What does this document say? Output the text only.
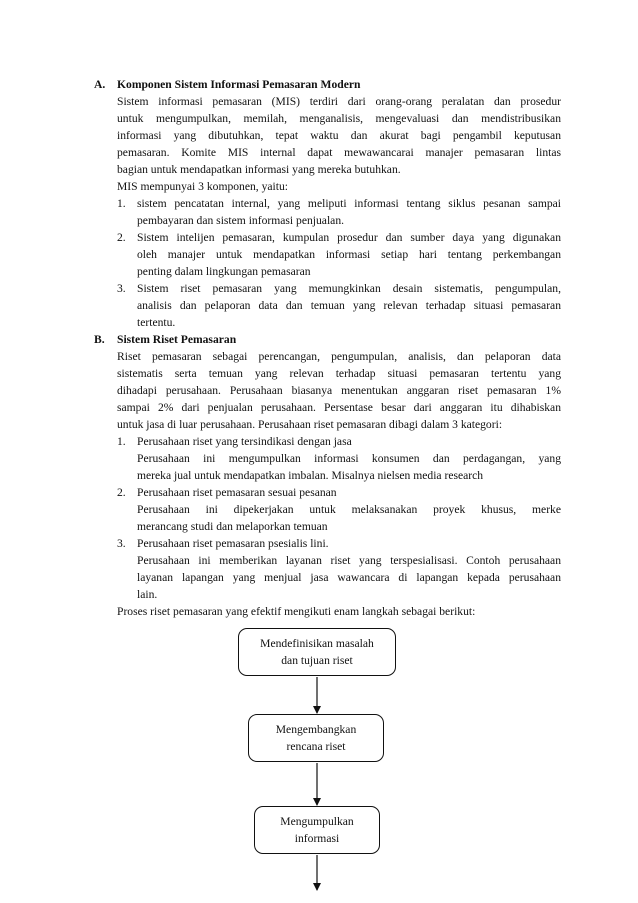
A. Komponen Sistem Informasi Pemasaran Modern
Sistem informasi pemasaran (MIS) terdiri dari orang-orang peralatan dan prosedur
untuk mengumpulkan, memilah, menganalisis, mengevaluasi dan mendistribusikan
informasi yang dibutuhkan, tepat waktu dan akurat bagi pengambil keputusan
pemasaran. Komite MIS internal dapat mewawancarai manajer pemasaran lintas
bagian untuk mendapatkan informasi yang mereka butuhkan.
MIS mempunyai 3 komponen, yaitu:
1. sistem pencatatan internal, yang meliputi informasi tentang siklus pesanan sampai
pembayaran dan sistem informasi penjualan.
2. Sistem intelijen pemasaran, kumpulan prosedur dan sumber daya yang digunakan
oleh manajer untuk mendapatkan informasi setiap hari tentang perkembangan
penting dalam lingkungan pemasaran
3. Sistem riset pemasaran yang memungkinkan desain sistematis, pengumpulan,
analisis dan pelaporan data dan temuan yang relevan terhadap situasi pemasaran
tertentu.
B. Sistem Riset Pemasaran
Riset pemasaran sebagai perencangan, pengumpulan, analisis, dan pelaporan data
sistematis serta temuan yang relevan terhadap situasi pemasaran tertentu yang
dihadapi perusahaan. Perusahaan biasanya menentukan anggaran riset pemasaran 1%
sampai 2% dari penjualan perusahaan. Persentase besar dari anggaran itu dihabiskan
untuk jasa di luar perusahaan. Perusahaan riset pemasaran dibagi dalam 3 kategori:
1. Perusahaan riset yang tersindikasi dengan jasa
Perusahaan ini mengumpulkan informasi konsumen dan perdagangan, yang
mereka jual untuk mendapatkan imbalan. Misalnya nielsen media research
2. Perusahaan riset pemasaran sesuai pesanan
Perusahaan ini dipekerjakan untuk melaksanakan proyek khusus, merke
merancang studi dan melaporkan temuan
3. Perusahaan riset pemasaran psesialis lini.
Perusahaan ini memberikan layanan riset yang terspesialisasi. Contoh perusahaan
layanan lapangan yang menjual jasa wawancara di lapangan kepada perusahaan
lain.
Proses riset pemasaran yang efektif mengikuti enam langkah sebagai berikut:
Mendefinisikan masalah
dan tujuan riset
Mengembangkan
rencana riset
Mengumpulkan
informasi
